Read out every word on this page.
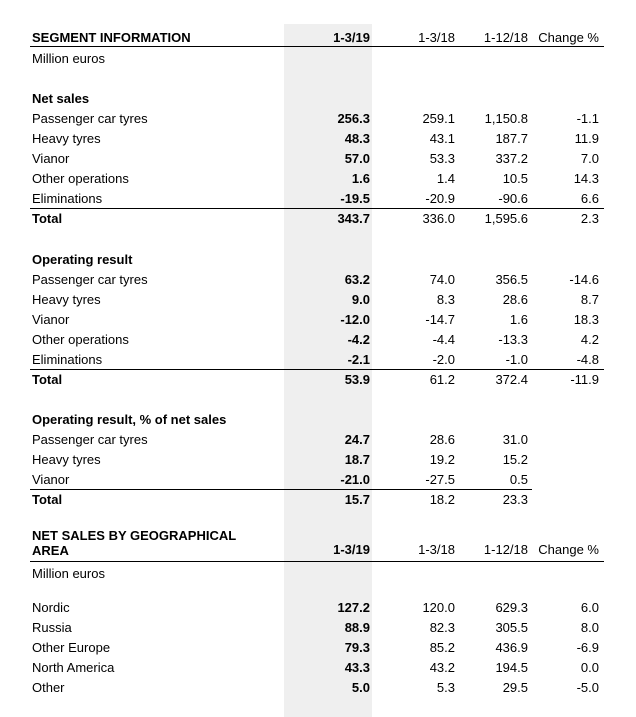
SEGMENT INFORMATION	1-3/19	1-3/18 1-12/18 Change %
Million euros
Net sales
Passenger car tyres	256.3	259.1 1,150.8	-1.1
Heavy tyres	48.3	43.1	187.7	11.9
Vianor	57.0	53.3	337.2	7.0
Other operations	1.6	1.4	10.5	14.3
Eliminations	-19.5	-20.9	-90.6	6.6
Total	343.7	336.0 1,595.6	2.3
Operating result
Passenger car tyres	63.2	74.0	356.5	-14.6
Heavy tyres	9.0	8.3	28.6	8.7
Vianor	-12.0	-14.7	1.6	18.3
Other operations	-4.2	-4.4	-13.3	4.2
Eliminations	-2.1	-2.0	-1.0	-4.8
Total	53.9	61.2	372.4	-11.9
Operating result, % of net sales
Passenger car tyres	24.7	28.6	31.0
Heavy tyres	18.7	19.2	15.2
Vianor	-21.0	-27.5	0.5
Total	15.7	18.2	23.3
NET SALES BY GEOGRAPHICAL AREA	1-3/19	1-3/18 1-12/18 Change %
Million euros
Nordic	127.2	120.0	629.3	6.0
Russia	88.9	82.3	305.5	8.0
Other Europe	79.3	85.2	436.9	-6.9
North America	43.3	43.2	194.5	0.0
Other	5.0	5.3	29.5	-5.0
